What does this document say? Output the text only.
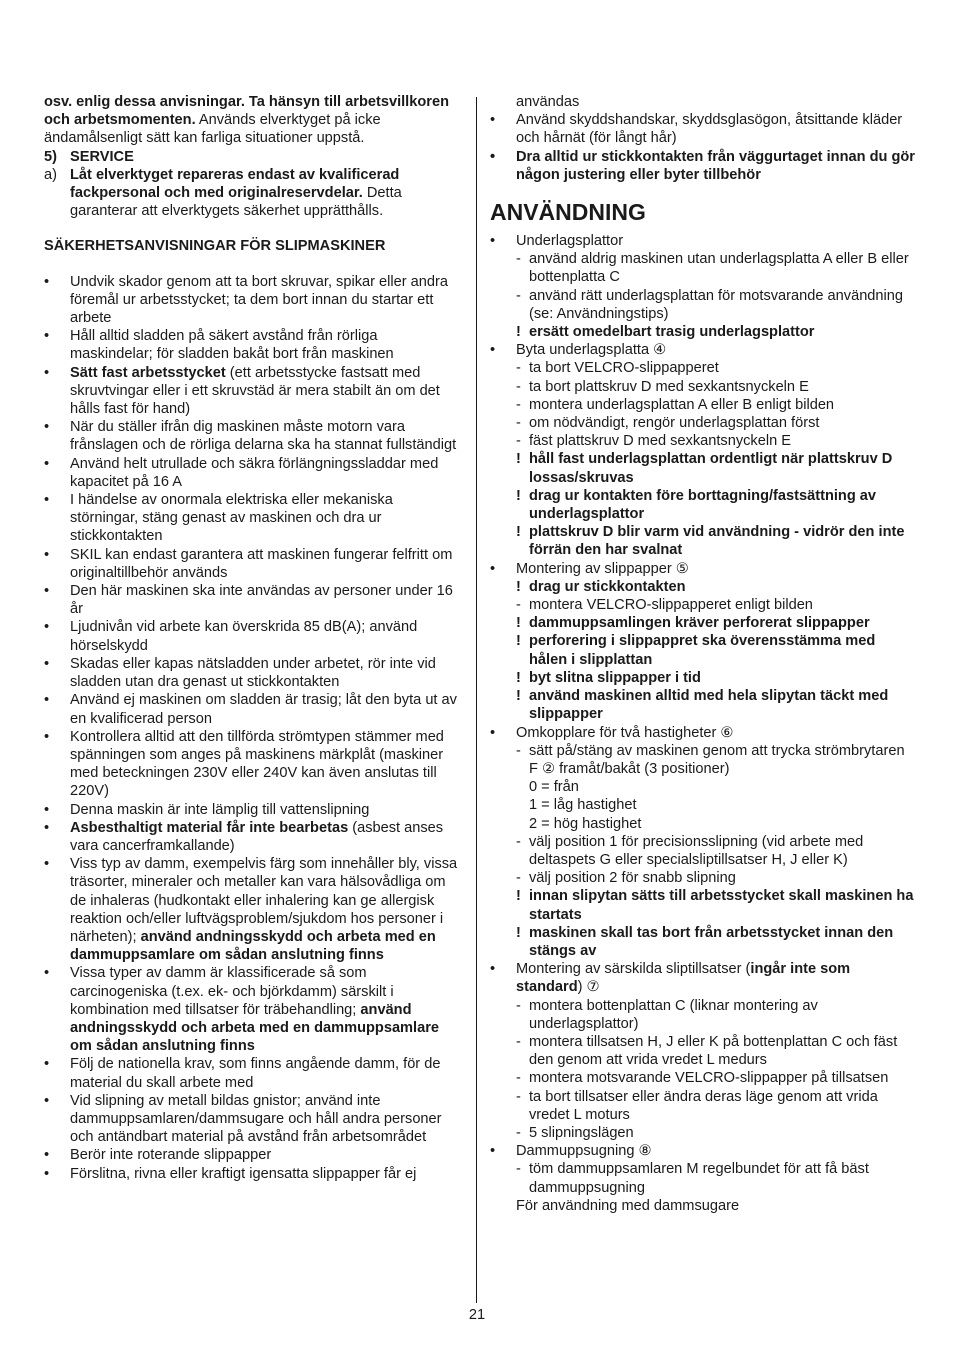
osv. enlig dessa anvisningar. Ta hänsyn till arbetsvillkoren och arbetsmomenten. Används elverktyget på icke ändamålsenligt sätt kan farliga situationer uppstå.
5) SERVICE
a) Låt elverktyget repareras endast av kvalificerad fackpersonal och med originalreservdelar. Detta garanterar att elverktygets säkerhet upprätthålls.
SÄKERHETSANVISNINGAR FÖR SLIPMASKINER
• Undvik skador genom att ta bort skruvar, spikar eller andra föremål ur arbetsstycket; ta dem bort innan du startar ett arbete
• Håll alltid sladden på säkert avstånd från rörliga maskindelar; för sladden bakåt bort från maskinen
• Sätt fast arbetsstycket (ett arbetsstycke fastsatt med skruvtvingar eller i ett skruvstäd är mera stabilt än om det hålls fast för hand)
• När du ställer ifrån dig maskinen måste motorn vara frånslagen och de rörliga delarna ska ha stannat fullständigt
• Använd helt utrullade och säkra förlängningssladdar med kapacitet på 16 A
• I händelse av onormala elektriska eller mekaniska störningar, stäng genast av maskinen och dra ur stickkontakten
• SKIL kan endast garantera att maskinen fungerar felfritt om originaltillbehör används
• Den här maskinen ska inte användas av personer under 16 år
• Ljudnivån vid arbete kan överskrida 85 dB(A); använd hörselskydd
• Skadas eller kapas nätsladden under arbetet, rör inte vid sladden utan dra genast ut stickkontakten
• Använd ej maskinen om sladden är trasig; låt den byta ut av en kvalificerad person
• Kontrollera alltid att den tillförda strömtypen stämmer med spänningen som anges på maskinens märkplåt (maskiner med beteckningen 230V eller 240V kan även anslutas till 220V)
• Denna maskin är inte lämplig till vattenslipning
• Asbesthaltigt material får inte bearbetas (asbest anses vara cancerframkallande)
• Viss typ av damm, exempelvis färg som innehåller bly, vissa träsorter, mineraler och metaller kan vara hälsovådliga om de inhaleras (hudkontakt eller inhalering kan ge allergisk reaktion och/eller luftvägsproblem/sjukdom hos personer i närheten); använd andningsskydd och arbeta med en dammuppsamlare om sådan anslutning finns
• Vissa typer av damm är klassificerade så som carcinogeniska (t.ex. ek- och björkdamm) särskilt i kombination med tillsatser för träbehandling; använd andningsskydd och arbeta med en dammuppsamlare om sådan anslutning finns
• Följ de nationella krav, som finns angående damm, för de material du skall arbete med
• Vid slipning av metall bildas gnistor; använd inte dammuppsamlaren/dammsugare och håll andra personer och antändbart material på avstånd från arbetsområdet
• Berör inte roterande slippapper
• Förslitna, rivna eller kraftigt igensatta slippapper får ej
användas
• Använd skyddshandskar, skyddsglasögon, åtsittande kläder och hårnät (för långt hår)
• Dra alltid ur stickkontakten från väggurtaget innan du gör någon justering eller byter tillbehör
ANVÄNDNING
• Underlagsplattor
- använd aldrig maskinen utan underlagsplatta A eller B eller bottenplatta C
- använd rätt underlagsplattan för motsvarande användning (se: Användningstips)
! ersätt omedelbart trasig underlagsplattor
• Byta underlagsplatta ④
- ta bort VELCRO-slippapperet
- ta bort plattskruv D med sexkantsnyckeln E
- montera underlagsplattan A eller B enligt bilden
- om nödvändigt, rengör underlagsplattan först
- fäst plattskruv D med sexkantsnyckeln E
! håll fast underlagsplattan ordentligt när plattskruv D lossas/skruvas
! drag ur kontakten före borttagning/fastsättning av underlagsplattor
! plattskruv D blir varm vid användning - vidrör den inte förrän den har svalnat
• Montering av slippapper ⑤
! drag ur stickkontakten
- montera VELCRO-slippapperet enligt bilden
! dammuppsamlingen kräver perforerat slippapper
! perforering i slippappret ska överensstämma med hålen i slipplattan
! byt slitna slippapper i tid
! använd maskinen alltid med hela slipytan täckt med slippapper
• Omkopplare för två hastigheter ⑥
- sätt på/stäng av maskinen genom att trycka strömbrytaren F ② framåt/bakåt (3 positioner)
0 = från
1 = låg hastighet
2 = hög hastighet
- välj position 1 för precisionsslipning (vid arbete med deltaspets G eller specialsliptillsatser H, J eller K)
- välj position 2 för snabb slipning
! innan slipytan sätts till arbetsstycket skall maskinen ha startats
! maskinen skall tas bort från arbetsstycket innan den stängs av
• Montering av särskilda sliptillsatser (ingår inte som standard) ⑦
- montera bottenplattan C (liknar montering av underlagsplattor)
- montera tillsatsen H, J eller K på bottenplattan C och fäst den genom att vrida vredet L medurs
- montera motsvarande VELCRO-slippapper på tillsatsen
- ta bort tillsatser eller ändra deras läge genom att vrida vredet L moturs
- 5 slipningslägen
• Dammuppsugning ⑧
- töm dammuppsamlaren M regelbundet för att få bäst dammuppsugning
För användning med dammsugare
21
